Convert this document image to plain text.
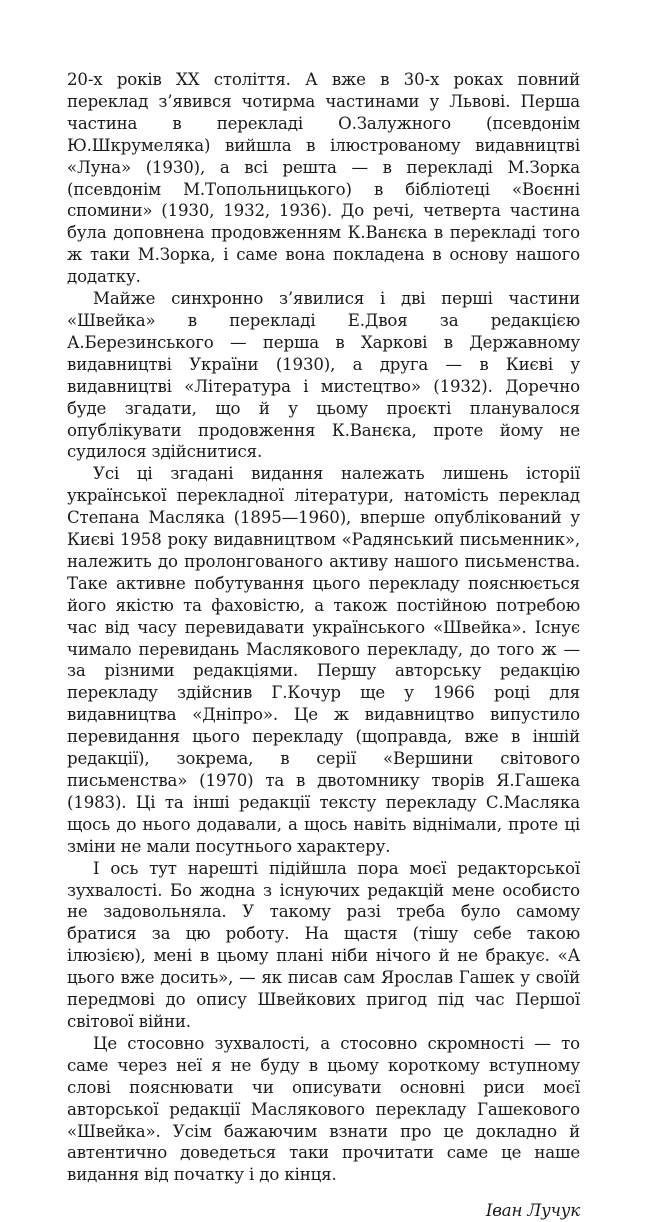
20-х років XX століття. А вже в 30-х роках повний переклад з’явився чотирма частинами у Львові. Перша частина в перекладі О.Залужного (псевдонім Ю.Шкрумеляка) вийшла в ілюстрованому видавництві «Луна» (1930), а всі решта — в перекладі М.Зорка (псевдонім М.Топольницького) в бібліотеці «Воєнні спомини» (1930, 1932, 1936). До речі, четверта частина була доповнена продовженням К.Ванєка в перекладі того ж таки М.Зорка, і саме вона покладена в основу нашого додатку.

Майже синхронно з’явилися і дві перші частини «Швейка» в перекладі Е.Двоя за редакцією А.Березинського — перша в Харкові в Державному видавництві України (1930), а друга — в Києві у видавництві «Література і мистецтво» (1932). Доречно буде згадати, що й у цьому проєкті планувалося опублікувати продовження К.Ванєка, проте йому не судилося здійснитися.

Усі ці згадані видання належать лишень історії української перекладної літератури, натомість переклад Степана Масляка (1895—1960), вперше опублікований у Києві 1958 року видавництвом «Радянський письменник», належить до пролонгованого активу нашого письменства. Таке активне побутування цього перекладу пояснюється його якістю та фаховістю, а також постійною потребою час від часу перевидавати українського «Швейка». Існує чимало перевидань Маслякового перекладу, до того ж — за різними редакціями. Першу авторську редакцію перекладу здійснив Г.Кочур ще у 1966 році для видавництва «Дніпро». Це ж видавництво випустило перевидання цього перекладу (щоправда, вже в іншій редакції), зокрема, в серії «Вершини світового письменства» (1970) та в двотомнику творів Я.Гашека (1983). Ці та інші редакції тексту перекладу С.Масляка щось до нього додавали, а щось навіть віднімали, проте ці зміни не мали посутнього характеру.

І ось тут нарешті підійшла пора моєї редакторської зухвалості. Бо жодна з існуючих редакцій мене особисто не задовольняла. У такому разі треба було самому братися за цю роботу. На щастя (тішу себе такою ілюзією), мені в цьому плані ніби нічого й не бракує. «А цього вже досить», — як писав сам Ярослав Гашек у своїй передмові до опису Швейкових пригод під час Першої світової війни.

Це стосовно зухвалості, а стосовно скромності — то саме через неї я не буду в цьому короткому вступному слові пояснювати чи описувати основні риси моєї авторської редакції Маслякового перекладу Гашекового «Швейка». Усім бажаючим взнати про це докладно й автентично доведеться таки прочитати саме це наше видання від початку і до кінця.

Іван Лучук
